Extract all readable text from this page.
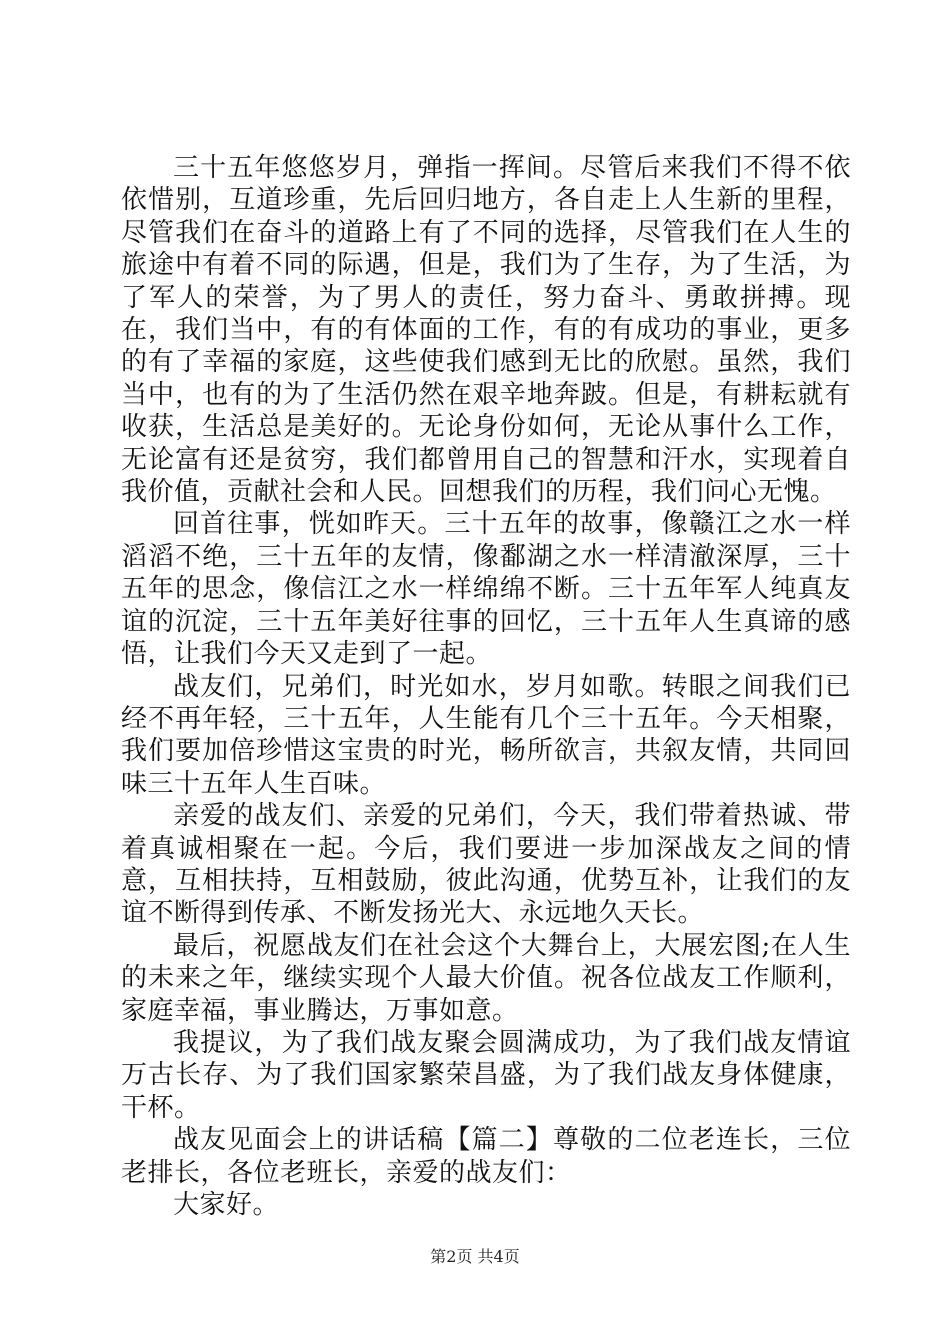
三十五年悠悠岁月，弹指一挥间。尽管后来我们不得不依依惜别，互道珍重，先后回归地方，各自走上人生新的里程，尽管我们在奋斗的道路上有了不同的选择，尽管我们在人生的旅途中有着不同的际遇，但是，我们为了生存，为了生活，为了军人的荣誉，为了男人的责任，努力奋斗、勇敢拼搏。现在，我们当中，有的有体面的工作，有的有成功的事业，更多的有了幸福的家庭，这些使我们感到无比的欣慰。虽然，我们当中，也有的为了生活仍然在艰辛地奔跛。但是，有耕耘就有收获，生活总是美好的。无论身份如何，无论从事什么工作，无论富有还是贫穷，我们都曾用自己的智慧和汗水，实现着自我价值，贡献社会和人民。回想我们的历程，我们问心无愧。

回首往事，恍如昨天。三十五年的故事，像赣江之水一样滔滔不绝，三十五年的友情，像鄱湖之水一样清澈深厚，三十五年的思念，像信江之水一样绵绵不断。三十五年军人纯真友谊的沉淀，三十五年美好往事的回忆，三十五年人生真谛的感悟，让我们今天又走到了一起。

战友们，兄弟们，时光如水，岁月如歌。转眼之间我们已经不再年轻，三十五年，人生能有几个三十五年。今天相聚，我们要加倍珍惜这宝贵的时光，畅所欲言，共叙友情，共同回味三十五年人生百味。

亲爱的战友们、亲爱的兄弟们，今天，我们带着热诚、带着真诚相聚在一起。今后，我们要进一步加深战友之间的情意，互相扶持，互相鼓励，彼此沟通，优势互补，让我们的友谊不断得到传承、不断发扬光大、永远地久天长。

最后，祝愿战友们在社会这个大舞台上，大展宏图;在人生的未来之年，继续实现个人最大价值。祝各位战友工作顺利，家庭幸福，事业腾达，万事如意。

我提议，为了我们战友聚会圆满成功，为了我们战友情谊万古长存、为了我们国家繁荣昌盛，为了我们战友身体健康，干杯。

战友见面会上的讲话稿【篇二】尊敬的二位老连长，三位老排长，各位老班长，亲爱的战友们：

大家好。

第2页 共4页
